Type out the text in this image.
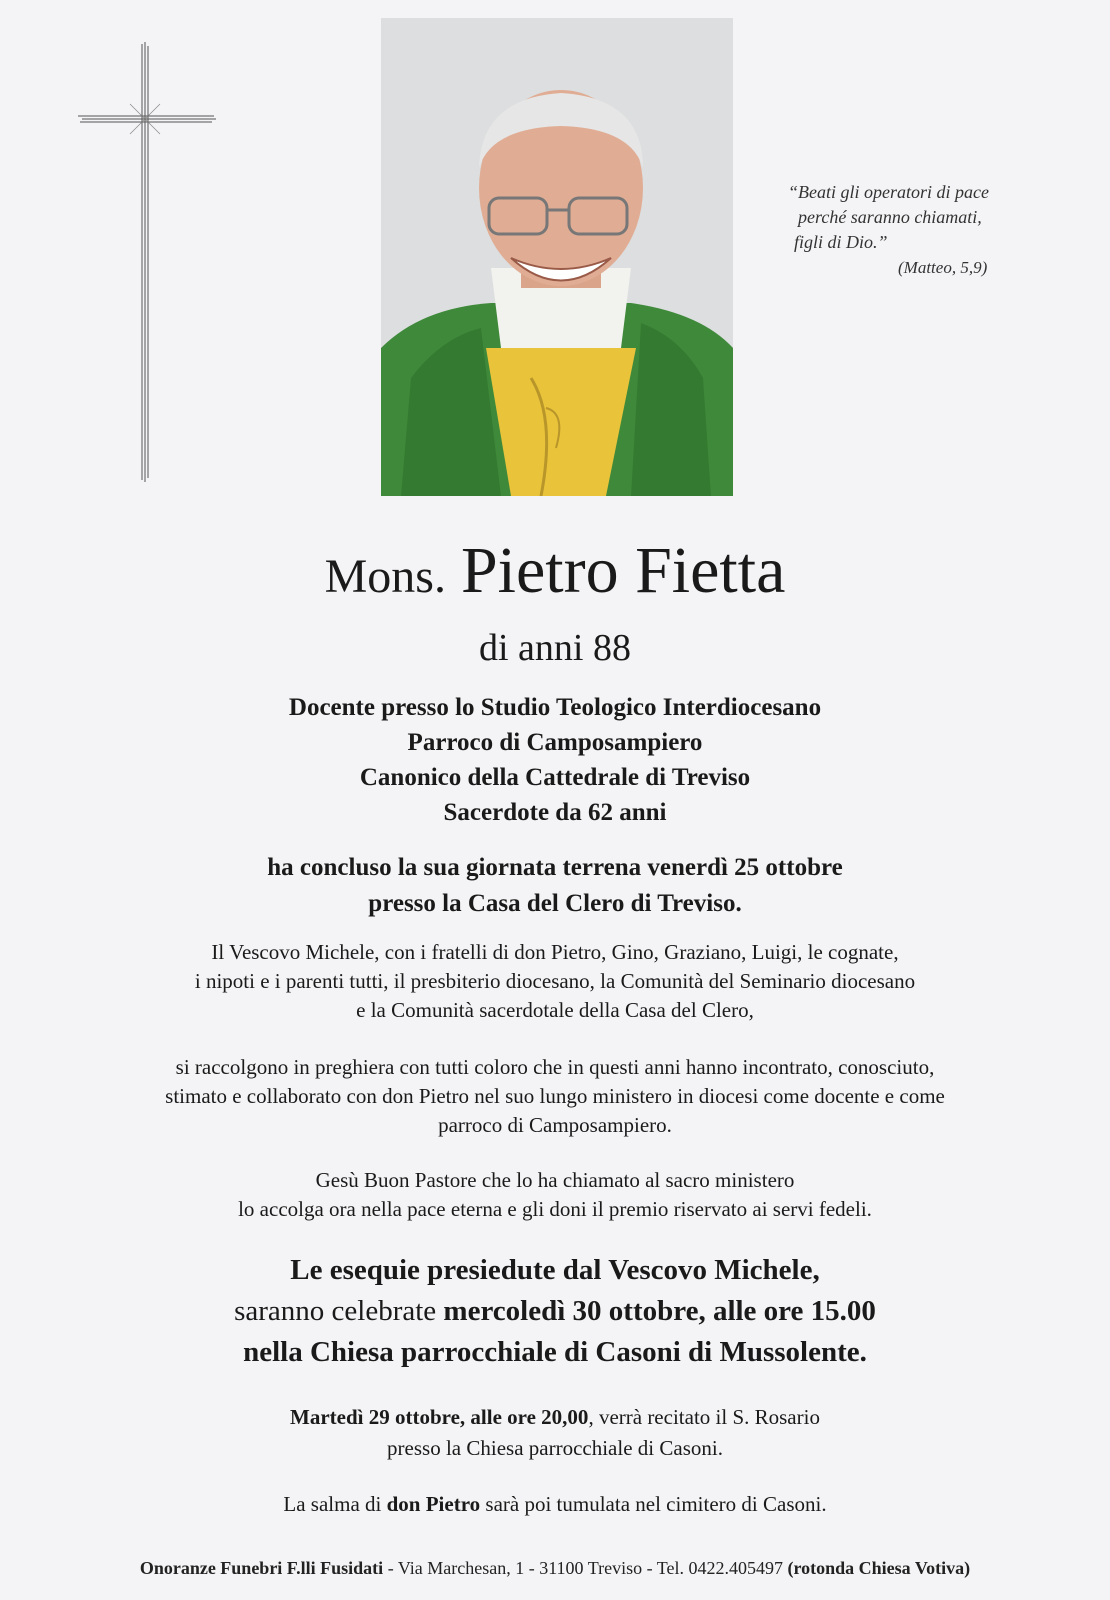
“Beati gli operatori di pace
perché saranno chiamati,
figli di Dio.”
(Matteo, 5,9)
Mons. Pietro Fietta
di anni 88
Docente presso lo Studio Teologico Interdiocesano
Parroco di Camposampiero
Canonico della Cattedrale di Treviso
Sacerdote da 62 anni
ha concluso la sua giornata terrena venerdì 25 ottobre
presso la Casa del Clero di Treviso.
Il Vescovo Michele, con i fratelli di don Pietro, Gino, Graziano, Luigi, le cognate,
i nipoti e i parenti tutti, il presbiterio diocesano, la Comunità del Seminario diocesano
e la Comunità sacerdotale della Casa del Clero,
si raccolgono in preghiera con tutti coloro che in questi anni hanno incontrato, conosciuto,
stimato e collaborato con don Pietro nel suo lungo ministero in diocesi come docente e come
parroco di Camposampiero.
Gesù Buon Pastore che lo ha chiamato al sacro ministero
lo accolga ora nella pace eterna e gli doni il premio riservato ai servi fedeli.
Le esequie presiedute dal Vescovo Michele,
saranno celebrate mercoledì 30 ottobre, alle ore 15.00
nella Chiesa parrocchiale di Casoni di Mussolente.
Martedì 29 ottobre, alle ore 20,00, verrà recitato il S. Rosario
presso la Chiesa parrocchiale di Casoni.
La salma di don Pietro sarà poi tumulata nel cimitero di Casoni.
Onoranze Funebri F.lli Fusidati - Via Marchesan, 1 - 31100 Treviso - Tel. 0422.405497 (rotonda Chiesa Votiva)
